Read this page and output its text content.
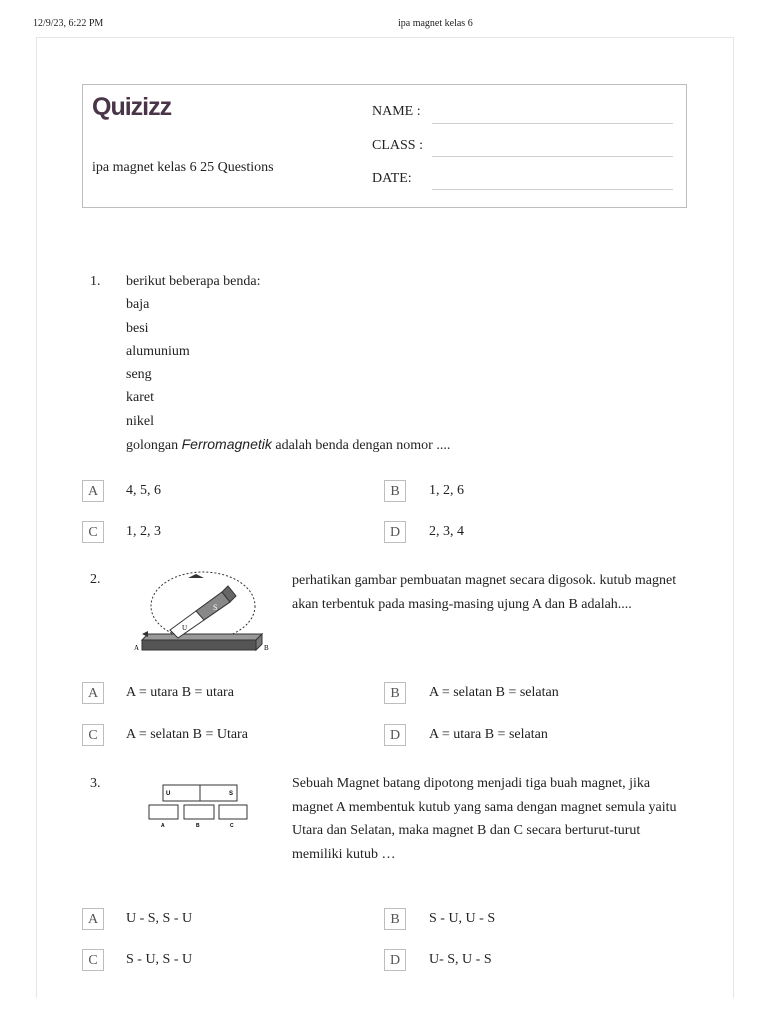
12/9/23, 6:22 PM	ipa magnet kelas 6
Quizizz
ipa magnet kelas 6 25 Questions
NAME :
CLASS :
DATE:
1. berikut beberapa benda:
baja
besi
alumunium
seng
karet
nikel
golongan Ferromagnetik adalah benda dengan nomor ....
A	4, 5, 6	B	1, 2, 6
C	1, 2, 3	D	2, 3, 4
2.
A	B
U
S
perhatikan gambar pembuatan magnet secara digosok. kutub magnet akan terbentuk pada masing-masing ujung A dan B adalah....
A	A = utara B = utara	B	A = selatan B = selatan
C	A = selatan B = Utara	D	A = utara B = selatan
3.
U	S
A	B	C
Sebuah Magnet batang dipotong menjadi tiga buah magnet, jika magnet A membentuk kutub yang sama dengan magnet semula yaitu Utara dan Selatan, maka magnet B dan C secara berturut-turut memiliki kutub …
A	U - S, S - U	B	S - U, U - S
C	S - U, S - U	D	U- S, U - S
